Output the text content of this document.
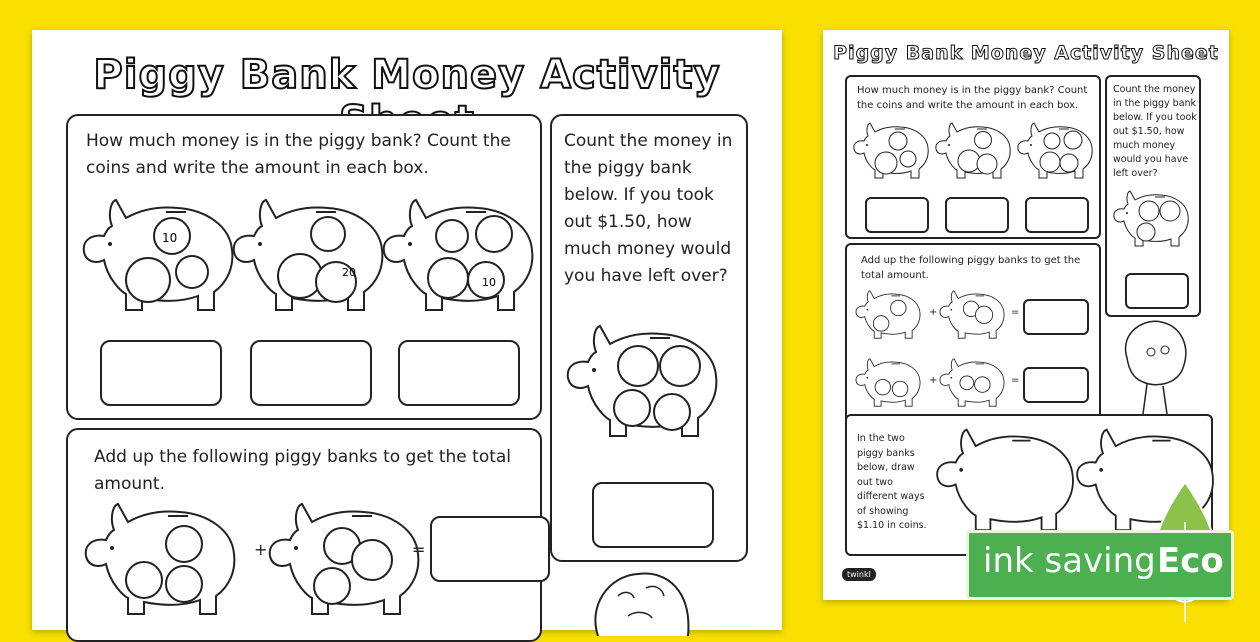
Piggy Bank Money Activity
How much money is in the piggy bank? Count the coins and write the amount in each box.
10
20
10
Count the money in the piggy bank below. If you took out $1.50, how much money would you have left over?
Add up the following piggy banks to get the total amount.
+	=
Piggy Bank Money Activity Sheet
How much money is in the piggy bank? Count the coins and write the amount in each box.
Count the money in the piggy bank below. If you took out $1.50, how much money would you have left over?
Add up the following piggy banks to get the total amount.
+	=
+	=
In the two piggy banks below, draw out two different ways of showing $1.10 in coins.
twinkl	ink saving Eco
